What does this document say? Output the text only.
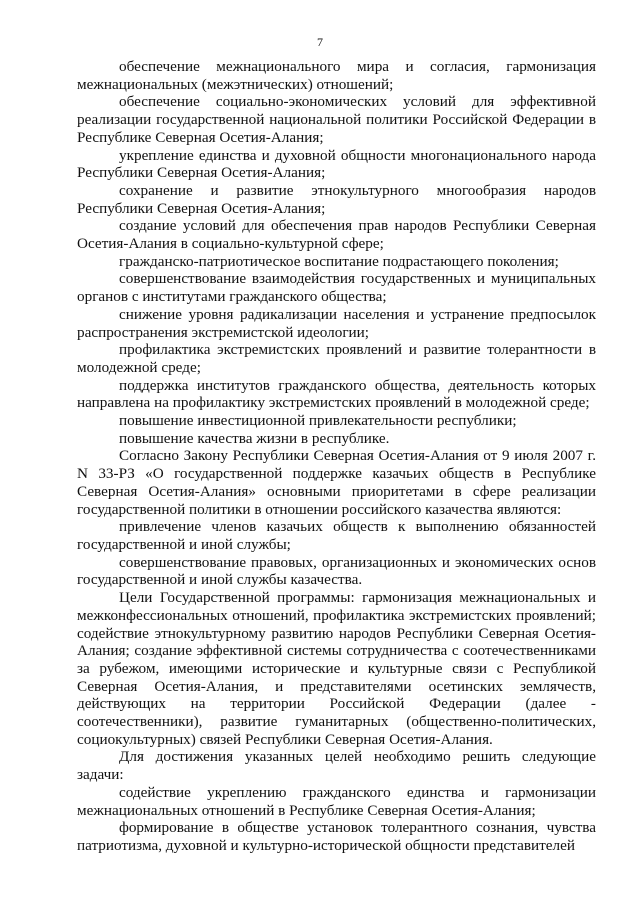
7

обеспечение межнационального мира и согласия, гармонизация межнациональных (межэтнических) отношений;

обеспечение социально-экономических условий для эффективной реализации государственной национальной политики Российской Федерации в Республике Северная Осетия-Алания;

укрепление единства и духовной общности многонационального народа Республики Северная Осетия-Алания;

сохранение и развитие этнокультурного многообразия народов Республики Северная Осетия-Алания;

создание условий для обеспечения прав народов Республики Северная Осетия-Алания в социально-культурной сфере;

гражданско-патриотическое воспитание подрастающего поколения;

совершенствование взаимодействия государственных и муниципальных органов с институтами гражданского общества;

снижение уровня радикализации населения и устранение предпосылок распространения экстремистской идеологии;

профилактика экстремистских проявлений и развитие толерантности в молодежной среде;

поддержка институтов гражданского общества, деятельность которых направлена на профилактику экстремистских проявлений в молодежной среде;

повышение инвестиционной привлекательности республики;

повышение качества жизни в республике.

Согласно Закону Республики Северная Осетия-Алания от 9 июля 2007 г. N 33-РЗ «О государственной поддержке казачьих обществ в Республике Северная Осетия-Алания» основными приоритетами в сфере реализации государственной политики в отношении российского казачества являются:

привлечение членов казачьих обществ к выполнению обязанностей государственной и иной службы;

совершенствование правовых, организационных и экономических основ государственной и иной службы казачества.

Цели Государственной программы: гармонизация межнациональных и межконфессиональных отношений, профилактика экстремистских проявлений; содействие этнокультурному развитию народов Республики Северная Осетия-Алания; создание эффективной системы сотрудничества с соотечественниками за рубежом, имеющими исторические и культурные связи с Республикой Северная Осетия-Алания, и представителями осетинских землячеств, действующих на территории Российской Федерации (далее - соотечественники), развитие гуманитарных (общественно-политических, социокультурных) связей Республики Северная Осетия-Алания.

Для достижения указанных целей необходимо решить следующие задачи:

содействие укреплению гражданского единства и гармонизации межнациональных отношений в Республике Северная Осетия-Алания;

формирование в обществе установок толерантного сознания, чувства патриотизма, духовной и культурно-исторической общности представителей
